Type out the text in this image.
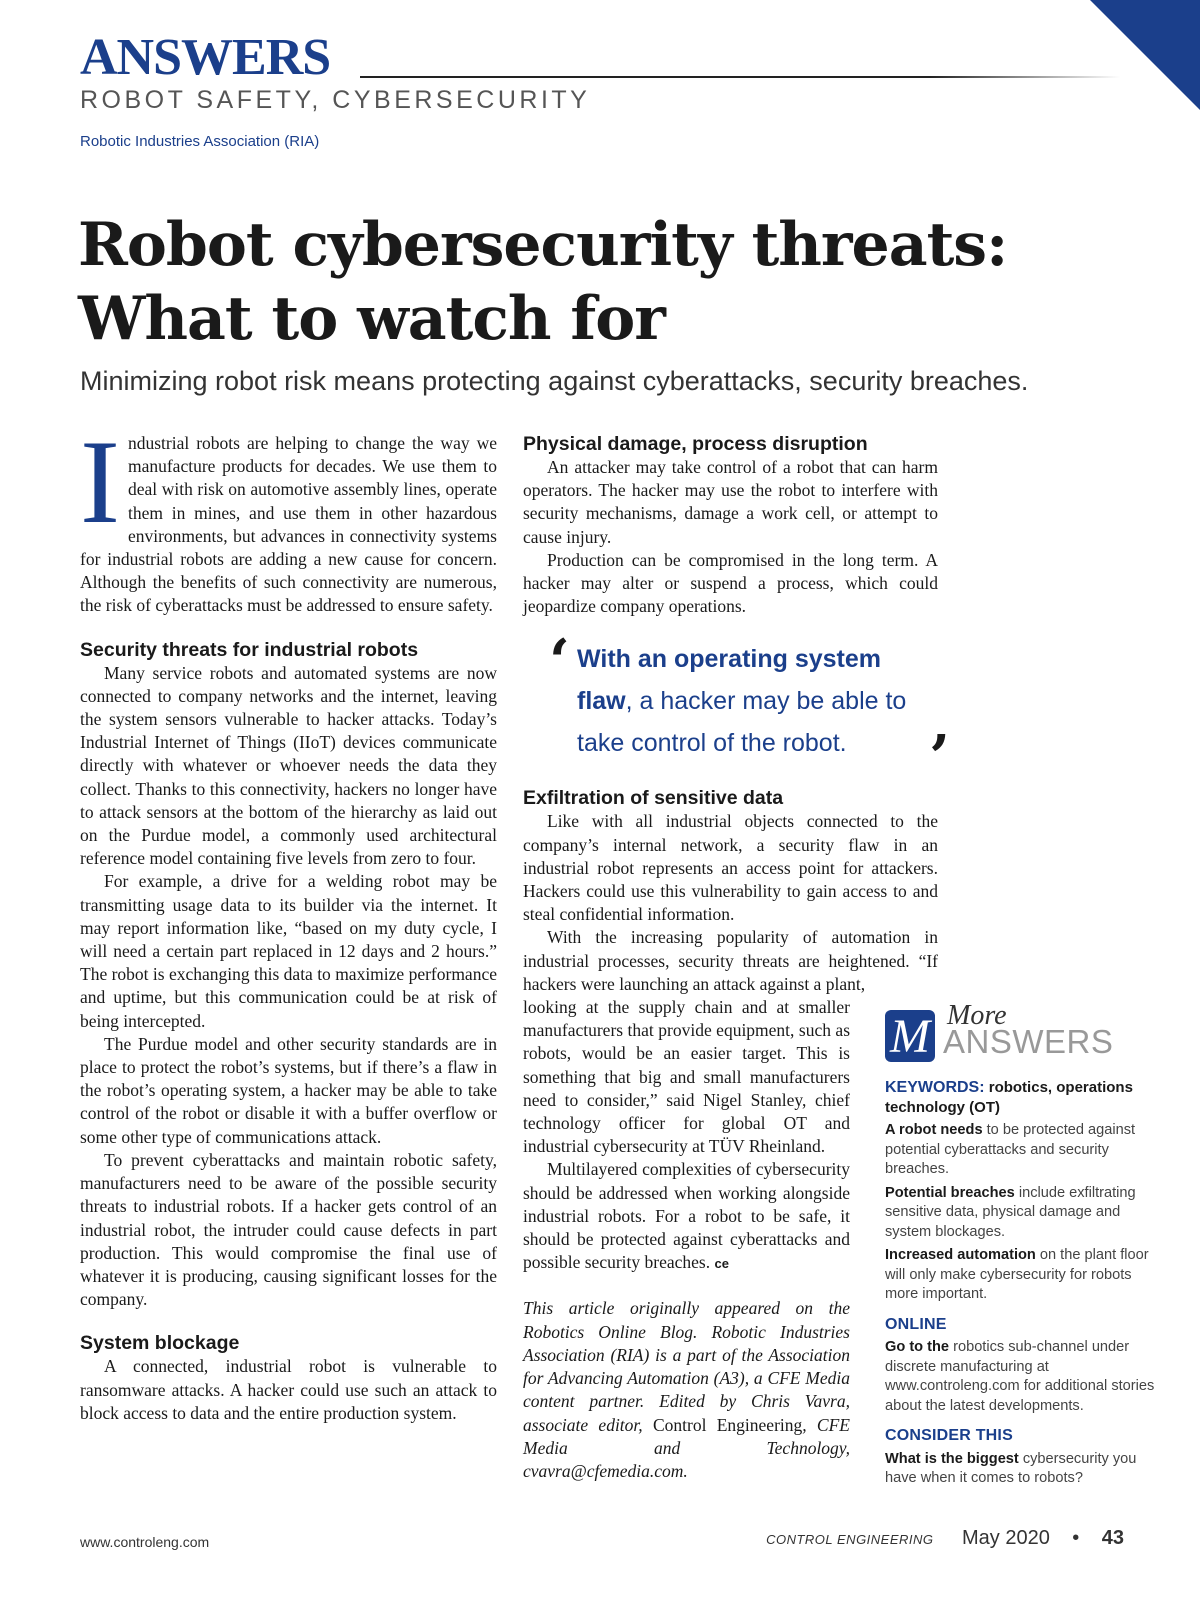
ANSWERS
ROBOT SAFETY, CYBERSECURITY
Robotic Industries Association (RIA)
Robot cybersecurity threats:
What to watch for
Minimizing robot risk means protecting against cyberattacks, security breaches.

Industrial robots are helping to change the way we manufacture products for decades. We use them to deal with risk on automotive assembly lines, operate them in mines, and use them in other hazardous environments, but advances in connectivity systems for industrial robots are adding a new cause for concern. Although the benefits of such connectivity are numerous, the risk of cyberattacks must be addressed to ensure safety.

Security threats for industrial robots

Many service robots and automated systems are now connected to company networks and the internet, leaving the system sensors vulnerable to hacker attacks. Today’s Industrial Internet of Things (IIoT) devices communicate directly with whatever or whoever needs the data they collect. Thanks to this connectivity, hackers no longer have to attack sensors at the bottom of the hierarchy as laid out on the Purdue model, a commonly used architectural reference model containing five levels from zero to four.

For example, a drive for a welding robot may be transmitting usage data to its builder via the internet. It may report information like, “based on my duty cycle, I will need a certain part replaced in 12 days and 2 hours.” The robot is exchanging this data to maximize performance and uptime, but this communication could be at risk of being intercepted.

The Purdue model and other security standards are in place to protect the robot’s systems, but if there’s a flaw in the robot’s operating system, a hacker may be able to take control of the robot or disable it with a buffer overflow or some other type of communications attack.

To prevent cyberattacks and maintain robotic safety, manufacturers need to be aware of the possible security threats to industrial robots. If a hacker gets control of an industrial robot, the intruder could cause defects in part production. This would compromise the final use of whatever it is producing, causing significant losses for the company.

System blockage

A connected, industrial robot is vulnerable to ransomware attacks. A hacker could use such an attack to block access to data and the entire production system.

Physical damage, process disruption

An attacker may take control of a robot that can harm operators. The hacker may use the robot to interfere with security mechanisms, damage a work cell, or attempt to cause injury.

Production can be compromised in the long term. A hacker may alter or suspend a process, which could jeopardize company operations.

‘ With an operating system flaw, a hacker may be able to take control of the robot. ’
Exfiltration of sensitive data

Like with all industrial objects connected to the company’s internal network, a security flaw in an industrial robot represents an access point for attackers. Hackers could use this vulnerability to gain access to and steal confidential information.

With the increasing popularity of automation in industrial processes, security threats are heightened. “If hackers were launching an attack against a plant,

looking at the supply chain and at smaller manufacturers that provide equipment, such as robots, would be an easier target. This is something that big and small manufacturers need to consider,” said Nigel Stanley, chief technology officer for global OT and industrial cybersecurity at TÜV Rheinland.

Multilayered complexities of cybersecurity should be addressed when working alongside industrial robots. For a robot to be safe, it should be protected against cyberattacks and possible security breaches. ce

This article originally appeared on the Robotics Online Blog. Robotic Industries Association (RIA) is a part of the Association for Advancing Automation (A3), a CFE Media content partner. Edited by Chris Vavra, associate editor, Control Engineering, CFE Media and Technology, cvavra@cfemedia.com.

M More
ANSWERS
KEYWORDS: robotics, operations technology (OT)
A robot needs to be protected against potential cyberattacks and security breaches.
Potential breaches include exfiltrating sensitive data, physical damage and system blockages.
Increased automation on the plant floor will only make cybersecurity for robots more important.
ONLINE
Go to the robotics sub-channel under discrete manufacturing at www.controleng.com for additional stories about the latest developments.
CONSIDER THIS
What is the biggest cybersecurity you have when it comes to robots?
www.controleng.com	CONTROL ENGINEERING May 2020 • 43
